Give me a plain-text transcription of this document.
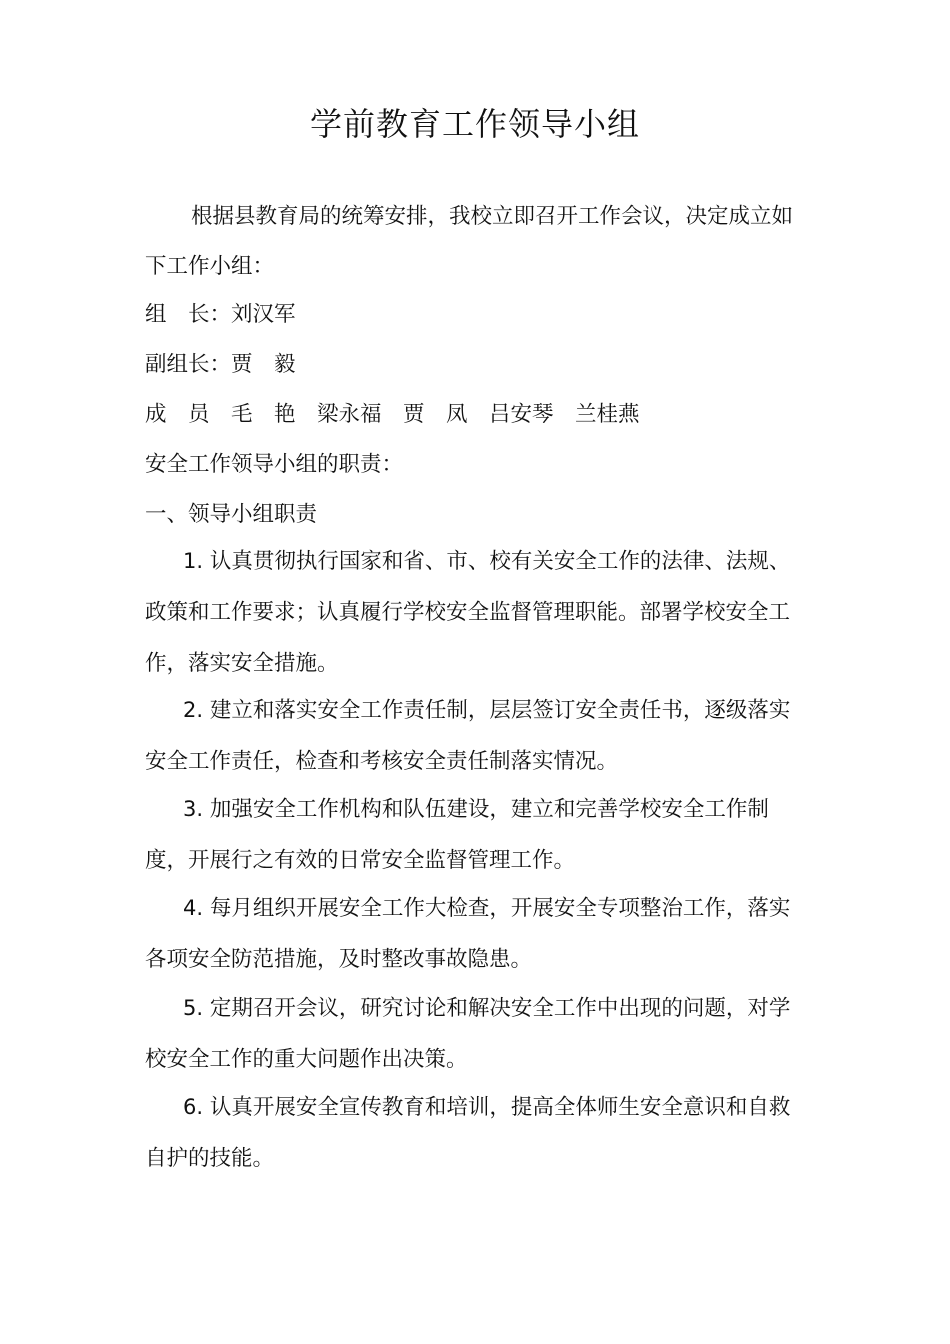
学前教育工作领导小组

根据县教育局的统筹安排，我校立即召开工作会议，决定成立如下工作小组：

组　长：刘汉军

副组长：贾　毅

成　员　毛　艳　梁永福　贾　凤　吕安琴　兰桂燕

安全工作领导小组的职责：

一、领导小组职责

1. 认真贯彻执行国家和省、市、校有关安全工作的法律、法规、政策和工作要求；认真履行学校安全监督管理职能。部署学校安全工作，落实安全措施。

2. 建立和落实安全工作责任制，层层签订安全责任书，逐级落实安全工作责任，检查和考核安全责任制落实情况。

3. 加强安全工作机构和队伍建设，建立和完善学校安全工作制度，开展行之有效的日常安全监督管理工作。

4. 每月组织开展安全工作大检查，开展安全专项整治工作，落实各项安全防范措施，及时整改事故隐患。

5. 定期召开会议，研究讨论和解决安全工作中出现的问题，对学校安全工作的重大问题作出决策。

6. 认真开展安全宣传教育和培训，提高全体师生安全意识和自救自护的技能。
